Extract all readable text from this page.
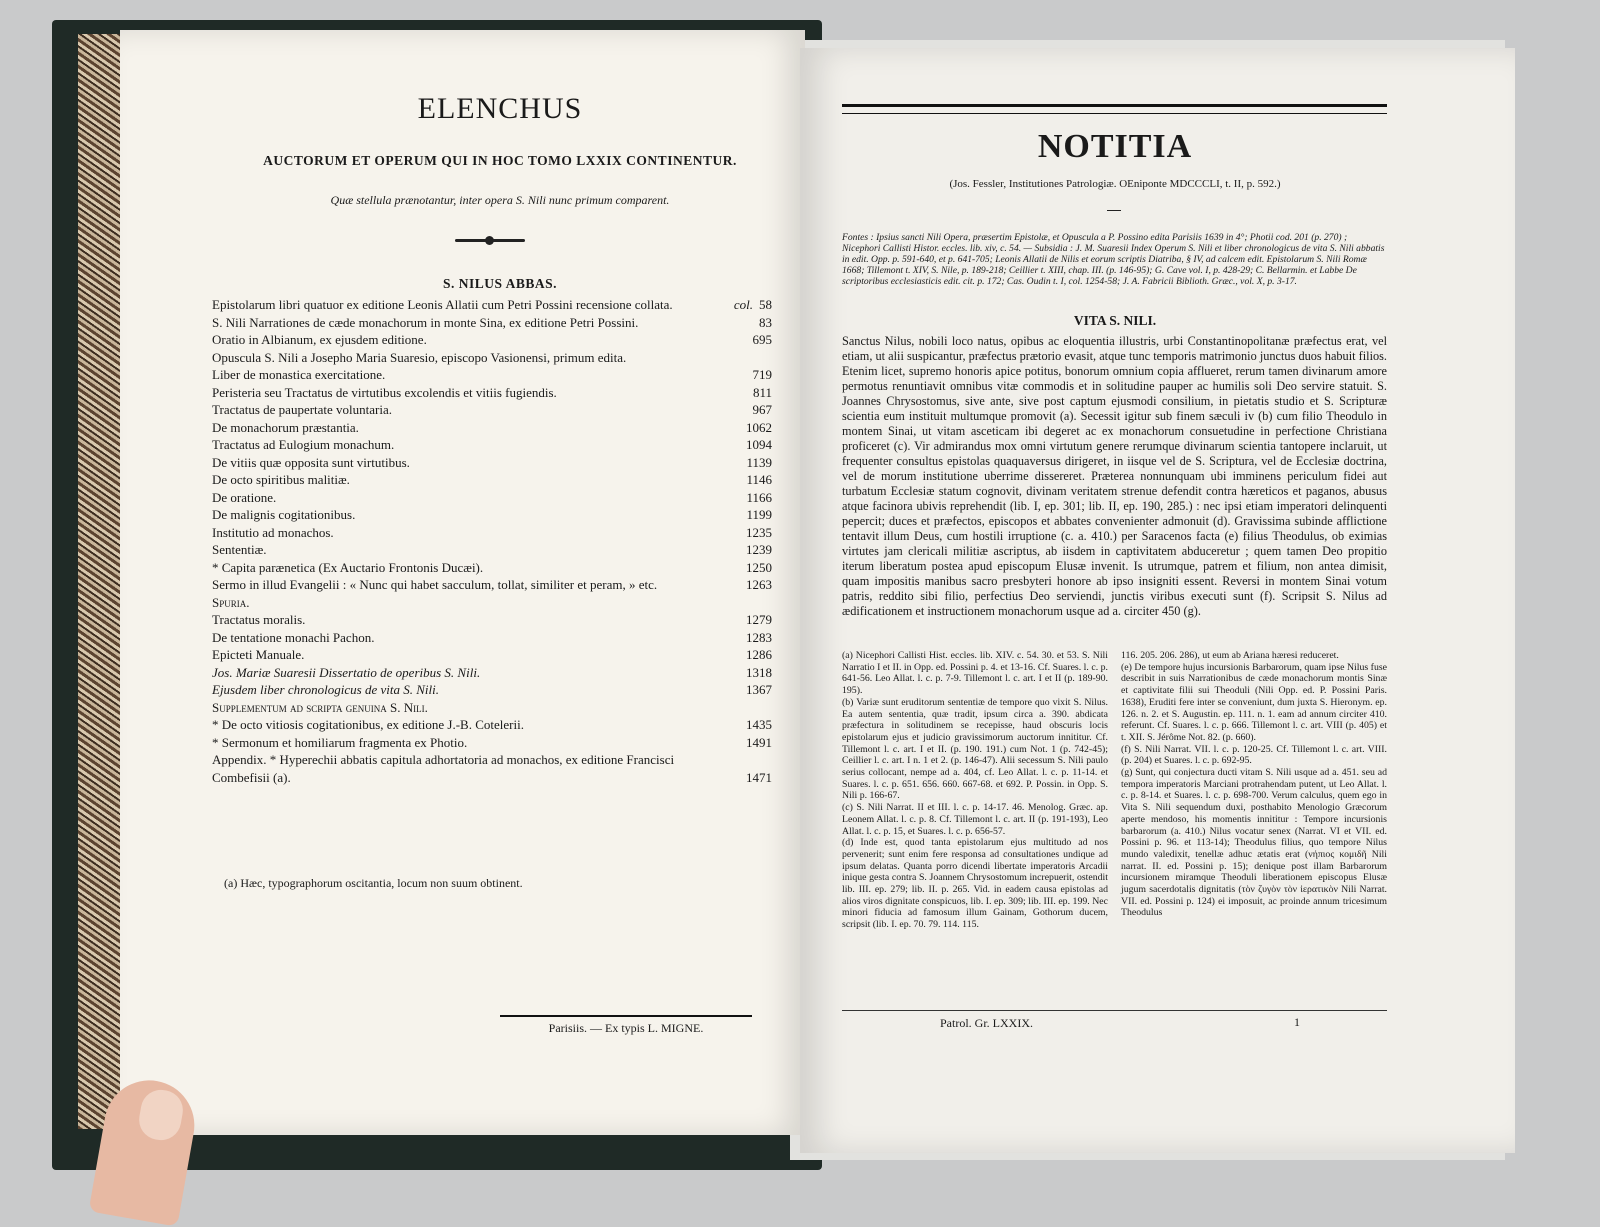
ELENCHUS
AUCTORUM ET OPERUM QUI IN HOC TOMO LXXIX CONTINENTUR.
Quæ stellula prænotantur, inter opera S. Nili nunc primum comparent.
S. NILUS ABBAS.
Epistolarum libri quatuor ex editione Leonis Allatii cum Petri Possini recensione collata.	col. 58
S. Nili Narrationes de cæde monachorum in monte Sina, ex editione Petri Possini.	83
Oratio in Albianum, ex ejusdem editione.	695
Opuscula S. Nili a Josepho Maria Suaresio, episcopo Vasionensi, primum edita.
Liber de monastica exercitatione.	719
Peristeria seu Tractatus de virtutibus excolendis et vitiis fugiendis.	811
Tractatus de paupertate voluntaria.	967
De monachorum præstantia.	1062
Tractatus ad Eulogium monachum.	1094
De vitiis quæ opposita sunt virtutibus.	1139
De octo spiritibus malitiæ.	1146
De oratione.	1166
De malignis cogitationibus.	1199
Institutio ad monachos.	1235
Sententiæ.	1239
* Capita parænetica (Ex Auctario Frontonis Ducæi).	1250
Sermo in illud Evangelii : « Nunc qui habet sacculum, tollat, similiter et peram, » etc.	1263
Spuria.
Tractatus moralis.	1279
De tentatione monachi Pachon.	1283
Epicteti Manuale.	1286
Jos. Mariæ Suaresii Dissertatio de operibus S. Nili.	1318
Ejusdem liber chronologicus de vita S. Nili.	1367
Supplementum ad scripta genuina S. Nili.
* De octo vitiosis cogitationibus, ex editione J.-B. Cotelerii.	1435
* Sermonum et homiliarum fragmenta ex Photio.	1491
Appendix. * Hyperechii abbatis capitula adhortatoria ad monachos, ex editione Francisci Combefisii (a).	1471
(a) Hæc, typographorum oscitantia, locum non suum obtinent.
Parisiis. — Ex typis L. MIGNE.
NOTITIA
(Jos. Fessler, Institutiones Patrologiæ. OEniponte MDCCCLI, t. II, p. 592.)
Fontes : Ipsius sancti Nili Opera, præsertim Epistolæ, et Opuscula a P. Possino edita Parisiis 1639 in 4°; Photii cod. 201 (p. 270) ; Nicephori Callisti Histor. eccles. lib. xiv, c. 54. — Subsidia : J. M. Suaresii Index Operum S. Nili et liber chronologicus de vita S. Nili abbatis in edit. Opp. p. 591-640, et p. 641-705; Leonis Allatii de Nilis et eorum scriptis Diatriba, § IV, ad calcem edit. Epistolarum S. Nili Romæ 1668; Tillemont t. XIV, S. Nile, p. 189-218; Ceillier t. XIII, chap. III. (p. 146-95); G. Cave vol. I, p. 428-29; C. Bellarmin. et Labbe De scriptoribus ecclesiasticis edit. cit. p. 172; Cas. Oudin t. I, col. 1254-58; J. A. Fabricii Biblioth. Græc., vol. X, p. 3-17.
VITA S. NILI.
Sanctus Nilus, nobili loco natus, opibus ac eloquentia illustris, urbi Constantinopolitanæ præfectus erat, vel etiam, ut alii suspicantur, præfectus prætorio evasit, atque tunc temporis matrimonio junctus duos habuit filios. Etenim licet, supremo honoris apice potitus, bonorum omnium copia afflueret, rerum tamen divinarum amore permotus renuntiavit omnibus vitæ commodis et in solitudine pauper ac humilis soli Deo servire statuit. S. Joannes Chrysostomus, sive ante, sive post captum ejusmodi consilium, in pietatis studio et S. Scripturæ scientia eum instituit multumque promovit (a). Secessit igitur sub finem sæculi iv (b) cum filio Theodulo in montem Sinai, ut vitam asceticam ibi degeret ac ex monachorum consuetudine in perfectione Christiana proficeret (c). Vir admirandus mox omni virtutum genere rerumque divinarum scientia tantopere inclaruit, ut frequenter consultus epistolas quaquaversus dirigeret, in iisque vel de S. Scriptura, vel de Ecclesiæ doctrina, vel de morum institutione uberrime dissereret. Præterea nonnunquam ubi imminens periculum fidei aut turbatum Ecclesiæ statum cognovit, divinam veritatem strenue defendit contra hæreticos et paganos, abusus atque facinora ubivis reprehendit (lib. I, ep. 301; lib. II, ep. 190, 285.) : nec ipsi etiam imperatori delinquenti pepercit; duces et præfectos, episcopos et abbates convenienter admonuit (d). Gravissima subinde afflictione tentavit illum Deus, cum hostili irruptione (c. a. 410.) per Saracenos facta (e) filius Theodulus, ob eximias virtutes jam clericali militiæ ascriptus, ab iisdem in captivitatem abduceretur ; quem tamen Deo propitio iterum liberatum postea apud episcopum Elusæ invenit. Is utrumque, patrem et filium, non antea dimisit, quam impositis manibus sacro presbyteri honore ab ipso insigniti essent. Reversi in montem Sinai votum patris, reddito sibi filio, perfectius Deo serviendi, junctis viribus executi sunt (f). Scripsit S. Nilus ad ædificationem et instructionem monachorum usque ad a. circiter 450 (g).

(a) Nicephori Callisti Hist. eccles. lib. XIV. c. 54. 30. et 53. S. Nili Narratio I et II. in Opp. ed. Possini p. 4. et 13-16. Cf. Suares. l. c. p. 641-56. Leo Allat. l. c. p. 7-9. Tillemont l. c. art. I et II (p. 189-90. 195).

(b) Variæ sunt eruditorum sententiæ de tempore quo vixit S. Nilus. Ea autem sententia, quæ tradit, ipsum circa a. 390. abdicata præfectura in solitudinem se recepisse, haud obscuris locis epistolarum ejus et judicio gravissimorum auctorum innititur. Cf. Tillemont l. c. art. I et II. (p. 190. 191.) cum Not. 1 (p. 742-45); Ceillier l. c. art. I n. 1 et 2. (p. 146-47). Alii secessum S. Nili paulo serius collocant, nempe ad a. 404, cf. Leo Allat. l. c. p. 11-14. et Suares. l. c. p. 651. 656. 660. 667-68. et 692. P. Possin. in Opp. S. Nili p. 166-67.

(c) S. Nili Narrat. II et III. l. c. p. 14-17. 46. Menolog. Græc. ap. Leonem Allat. l. c. p. 8. Cf. Tillemont l. c. art. II (p. 191-193), Leo Allat. l. c. p. 15, et Suares. l. c. p. 656-57.

(d) Inde est, quod tanta epistolarum ejus multitudo ad nos pervenerit; sunt enim fere responsa ad consultationes undique ad ipsum delatas. Quanta porro dicendi libertate imperatoris Arcadii inique gesta contra S. Joannem Chrysostomum increpuerit, ostendit lib. III. ep. 279; lib. II. p. 265. Vid. in eadem causa epistolas ad alios viros dignitate conspicuos, lib. I. ep. 309; lib. III. ep. 199. Nec minori fiducia ad famosum illum Gainam, Gothorum ducem, scripsit (lib. I. ep. 70. 79. 114. 115.

116. 205. 206. 286), ut eum ab Ariana hæresi reduceret.

(e) De tempore hujus incursionis Barbarorum, quam ipse Nilus fuse describit in suis Narrationibus de cæde monachorum montis Sinæ et captivitate filii sui Theoduli (Nili Opp. ed. P. Possini Paris. 1638), Eruditi fere inter se conveniunt, dum juxta S. Hieronym. ep. 126. n. 2. et S. Augustin. ep. 111. n. 1. eam ad annum circiter 410. referunt. Cf. Suares. l. c. p. 666. Tillemont l. c. art. VIII (p. 405) et t. XII. S. Jérôme Not. 82. (p. 660).

(f) S. Nili Narrat. VII. l. c. p. 120-25. Cf. Tillemont l. c. art. VIII. (p. 204) et Suares. l. c. p. 692-95.

(g) Sunt, qui conjectura ducti vitam S. Nili usque ad a. 451. seu ad tempora imperatoris Marciani protrahendam putent, ut Leo Allat. l. c. p. 8-14. et Suares. l. c. p. 698-700. Verum calculus, quem ego in Vita S. Nili sequendum duxi, posthabito Menologio Græcorum aperte mendoso, his momentis innititur : Tempore incursionis barbarorum (a. 410.) Nilus vocatur senex (Narrat. VI et VII. ed. Possini p. 96. et 113-14); Theodulus filius, quo tempore Nilus mundo valedixit, tenellæ adhuc ætatis erat (νήπιος κομιδῆ Nili narrat. II. ed. Possini p. 15); denique post illam Barbarorum incursionem miramque Theoduli liberationem episcopus Elusæ jugum sacerdotalis dignitatis (τὸν ζυγὸν τὸν ἱερατικὸν Nili Narrat. VII. ed. Possini p. 124) ei imposuit, ac proinde annum tricesimum Theodulus

Patrol. Gr. LXXIX.	1
